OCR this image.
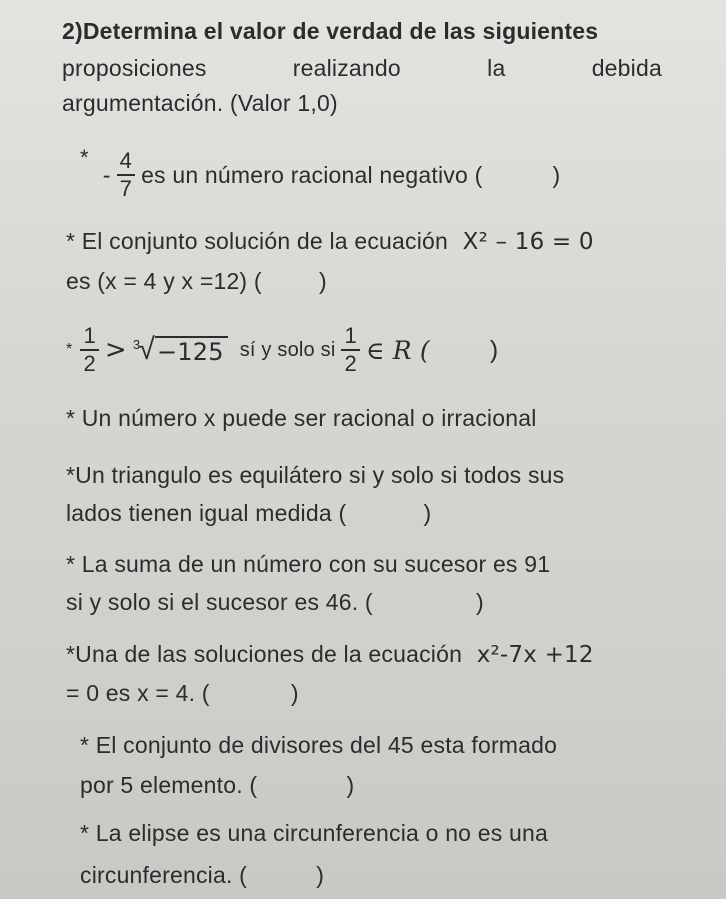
2)Determina el valor de verdad de las siguientes
proposiciones	realizando	la	debida
argumentación. (Valor 1,0)
*
- $\frac{4}{7}$ es un número racional negativo (	)
* El conjunto solución de la ecuación X² – 16 = 0
es (x = 4 y x =12) ( )
* $\frac{1}{2} > 3$
√ −125 sí y solo si $\frac{1}{2}$ ∈ R ( )
* Un número x puede ser racional o irracional
*Un triangulo es equilátero si y solo si todos sus
lados tienen igual medida (	)
* La suma de un número con su sucesor es 91
si y solo si el sucesor es 46. (	)
*Una de las soluciones de la ecuación x²-7x +12
= 0 es x = 4. (	)
* El conjunto de divisores del 45 esta formado
por 5 elemento. (	)
* La elipse es una circunferencia o no es una
circunferencia. (	)
